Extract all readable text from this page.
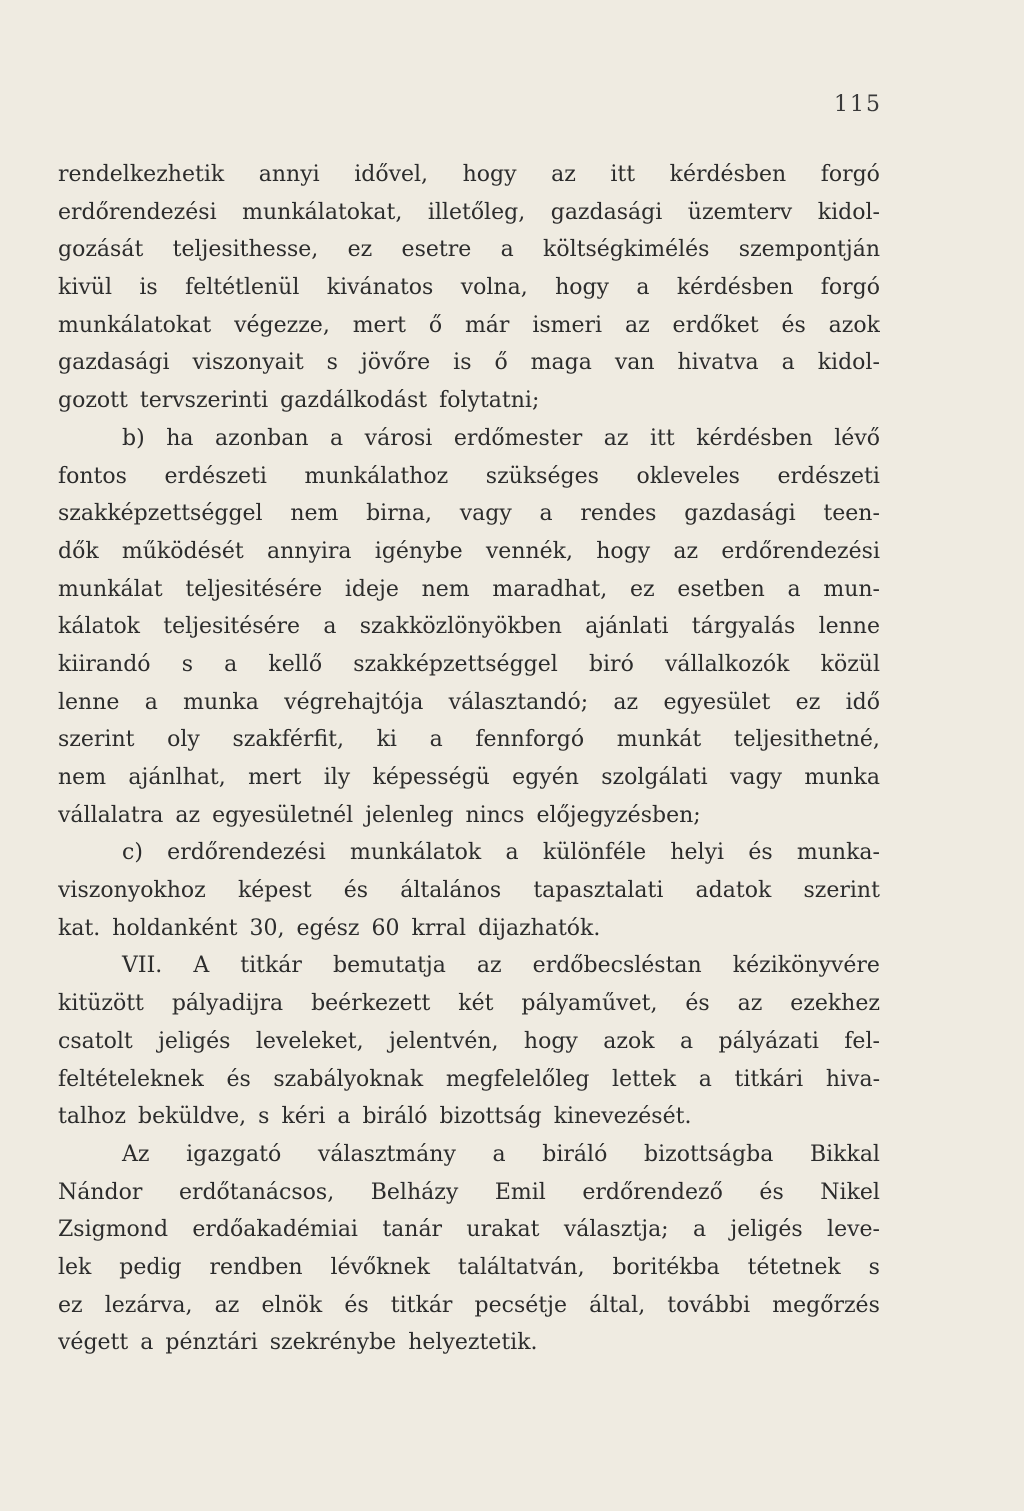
115
rendelkezhetik annyi idővel, hogy az itt kérdésben forgó
erdőrendezési munkálatokat, illetőleg, gazdasági üzemterv kidol-
gozását teljesithesse, ez esetre a költségkimélés szempontján
kivül is feltétlenül kivánatos volna, hogy a kérdésben forgó
munkálatokat végezze, mert ő már ismeri az erdőket és azok
gazdasági viszonyait s jövőre is ő maga van hivatva a kidol-
gozott tervszerinti gazdálkodást folytatni;
b) ha azonban a városi erdőmester az itt kérdésben lévő
fontos erdészeti munkálathoz szükséges okleveles erdészeti
szakképzettséggel nem birna, vagy a rendes gazdasági teen-
dők működését annyira igénybe vennék, hogy az erdőrendezési
munkálat teljesitésére ideje nem maradhat, ez esetben a mun-
kálatok teljesitésére a szakközlönyökben ajánlati tárgyalás lenne
kiirandó s a kellő szakképzettséggel biró vállalkozók közül
lenne a munka végrehajtója választandó; az egyesület ez idő
szerint oly szakférfit, ki a fennforgó munkát teljesithetné,
nem ajánlhat, mert ily képességü egyén szolgálati vagy munka
vállalatra az egyesületnél jelenleg nincs előjegyzésben;
c) erdőrendezési munkálatok a különféle helyi és munka-
viszonyokhoz képest és általános tapasztalati adatok szerint
kat. holdanként 30, egész 60 krral dijazhatók.
VII. A titkár bemutatja az erdőbecsléstan kézikönyvére
kitüzött pályadijra beérkezett két pályaművet, és az ezekhez
csatolt jeligés leveleket, jelentvén, hogy azok a pályázati fel-
feltételeknek és szabályoknak megfelelőleg lettek a titkári hiva-
talhoz beküldve, s kéri a biráló bizottság kinevezését.
Az igazgató választmány a biráló bizottságba Bikkal
Nándor erdőtanácsos, Belházy Emil erdőrendező és Nikel
Zsigmond erdőakadémiai tanár urakat választja; a jeligés leve-
lek pedig rendben lévőknek találtatván, boritékba tétetnek s
ez lezárva, az elnök és titkár pecsétje által, további megőrzés
végett a pénztári szekrénybe helyeztetik.
